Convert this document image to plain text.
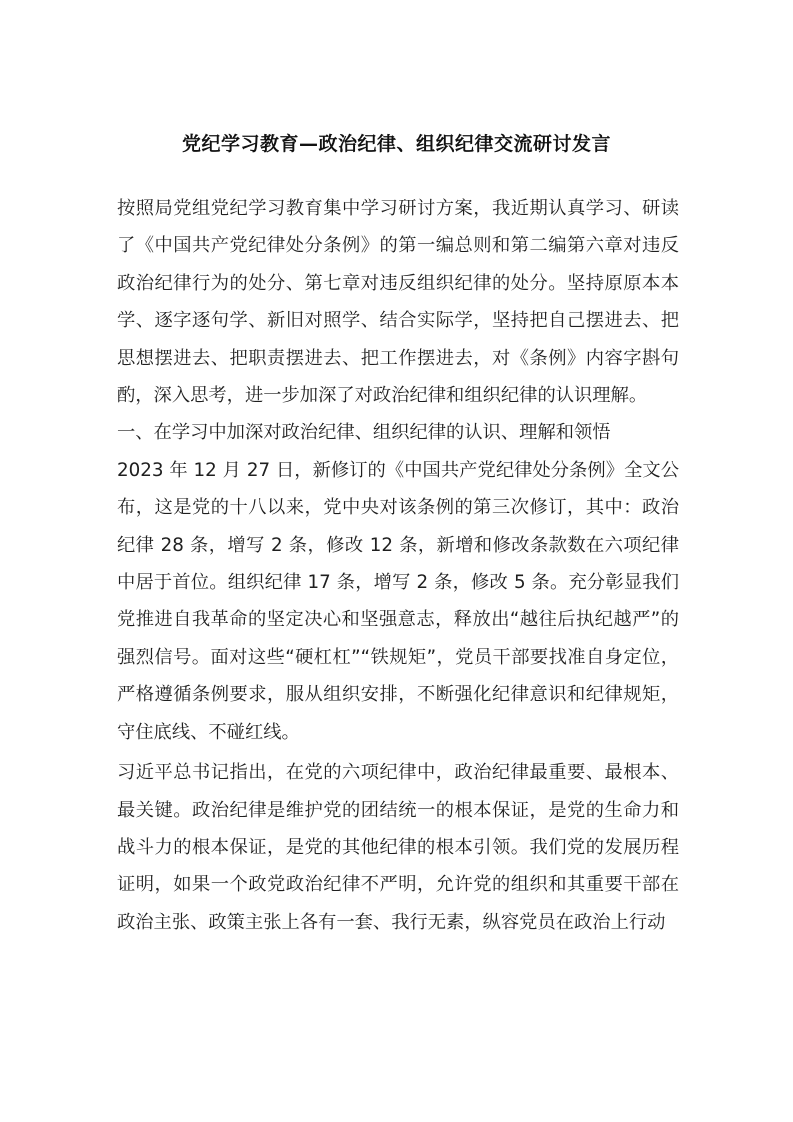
党纪学习教育—政治纪律、组织纪律交流研讨发言

按照局党组党纪学习教育集中学习研讨方案，我近期认真学习、研读了《中国共产党纪律处分条例》的第一编总则和第二编第六章对违反政治纪律行为的处分、第七章对违反组织纪律的处分。坚持原原本本学、逐字逐句学、新旧对照学、结合实际学，坚持把自己摆进去、把思想摆进去、把职责摆进去、把工作摆进去，对《条例》内容字斟句酌，深入思考，进一步加深了对政治纪律和组织纪律的认识理解。

一、在学习中加深对政治纪律、组织纪律的认识、理解和领悟

2023 年 12 月 27 日，新修订的《中国共产党纪律处分条例》全文公布，这是党的十八以来，党中央对该条例的第三次修订，其中：政治纪律 28 条，增写 2 条，修改 12 条，新增和修改条款数在六项纪律中居于首位。组织纪律 17 条，增写 2 条，修改 5 条。充分彰显我们党推进自我革命的坚定决心和坚强意志，释放出“越往后执纪越严”的强烈信号。面对这些“硬杠杠”“铁规矩”，党员干部要找准自身定位，严格遵循条例要求，服从组织安排，不断强化纪律意识和纪律规矩，守住底线、不碰红线。

习近平总书记指出，在党的六项纪律中，政治纪律最重要、最根本、最关键。政治纪律是维护党的团结统一的根本保证，是党的生命力和战斗力的根本保证，是党的其他纪律的根本引领。我们党的发展历程证明，如果一个政党政治纪律不严明，允许党的组织和其重要干部在政治主张、政策主张上各有一套、我行无素，纵容党员在政治上行动
